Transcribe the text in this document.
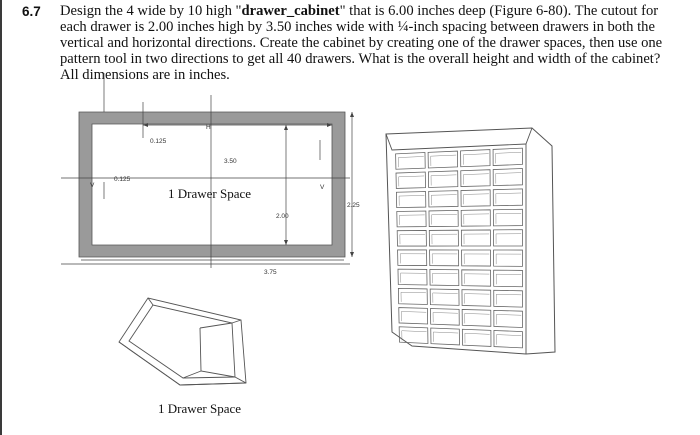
6.7 Design the 4 wide by 10 high "drawer_cabinet" that is 6.00 inches deep (Figure 6-80). The cutout for
each drawer is 2.00 inches high by 3.50 inches wide with ¼-inch spacing between drawers in both the
vertical and horizontal directions. Create the cabinet by creating one of the drawer spaces, then use one
pattern tool in two directions to get all 40 drawers. What is the overall height and width of the cabinet?
All dimensions are in inches.
0.125
H
3.50
0.125
V	V
2.00
3.75
2.25
1 Drawer Space
1 Drawer Space
